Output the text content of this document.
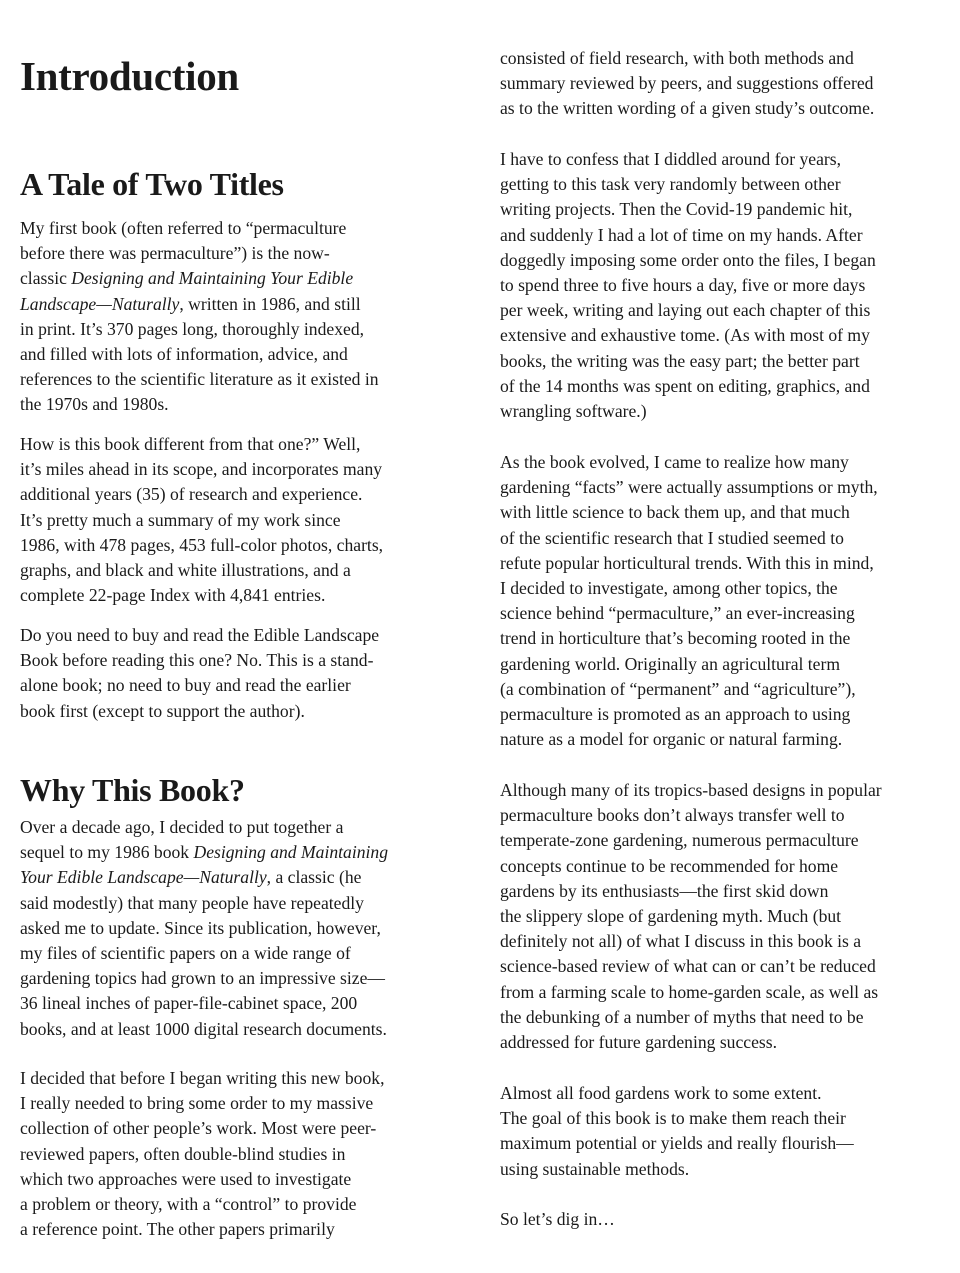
Introduction
A Tale of Two Titles
My first book (often referred to “permaculture
before there was permaculture”) is the now-
classic Designing and Maintaining Your Edible
Landscape—Naturally, written in 1986, and still
in print. It’s 370 pages long, thoroughly indexed,
and filled with lots of information, advice, and
references to the scientific literature as it existed in
the 1970s and 1980s.
How is this book different from that one?” Well,
it’s miles ahead in its scope, and incorporates many
additional years (35) of research and experience.
It’s pretty much a summary of my work since
1986, with 478 pages, 453 full-color photos, charts,
graphs, and black and white illustrations, and a
complete 22-page Index with 4,841 entries.
Do you need to buy and read the Edible Landscape
Book before reading this one? No. This is a stand-
alone book; no need to buy and read the earlier
book first (except to support the author).
Why This Book?
Over a decade ago, I decided to put together a
sequel to my 1986 book Designing and Maintaining
Your Edible Landscape—Naturally, a classic (he
said modestly) that many people have repeatedly
asked me to update. Since its publication, however,
my files of scientific papers on a wide range of
gardening topics had grown to an impressive size—
36 lineal inches of paper-file-cabinet space, 200
books, and at least 1000 digital research documents.
I decided that before I began writing this new book,
I really needed to bring some order to my massive
collection of other people’s work. Most were peer-
reviewed papers, often double-blind studies in
which two approaches were used to investigate
a problem or theory, with a “control” to provide
a reference point. The other papers primarily
consisted of field research, with both methods and
summary reviewed by peers, and suggestions offered
as to the written wording of a given study’s outcome.
I have to confess that I diddled around for years,
getting to this task very randomly between other
writing projects. Then the Covid-19 pandemic hit,
and suddenly I had a lot of time on my hands. After
doggedly imposing some order onto the files, I began
to spend three to five hours a day, five or more days
per week, writing and laying out each chapter of this
extensive and exhaustive tome. (As with most of my
books, the writing was the easy part; the better part
of the 14 months was spent on editing, graphics, and
wrangling software.)
As the book evolved, I came to realize how many
gardening “facts” were actually assumptions or myth,
with little science to back them up, and that much
of the scientific research that I studied seemed to
refute popular horticultural trends. With this in mind,
I decided to investigate, among other topics, the
science behind “permaculture,” an ever-increasing
trend in horticulture that’s becoming rooted in the
gardening world. Originally an agricultural term
(a combination of “permanent” and “agriculture”),
permaculture is promoted as an approach to using
nature as a model for organic or natural farming.
Although many of its tropics-based designs in popular
permaculture books don’t always transfer well to
temperate-zone gardening, numerous permaculture
concepts continue to be recommended for home
gardens by its enthusiasts—the first skid down
the slippery slope of gardening myth. Much (but
definitely not all) of what I discuss in this book is a
science-based review of what can or can’t be reduced
from a farming scale to home-garden scale, as well as
the debunking of a number of myths that need to be
addressed for future gardening success.
Almost all food gardens work to some extent.
The goal of this book is to make them reach their
maximum potential or yields and really flourish—
using sustainable methods.
So let’s dig in…
